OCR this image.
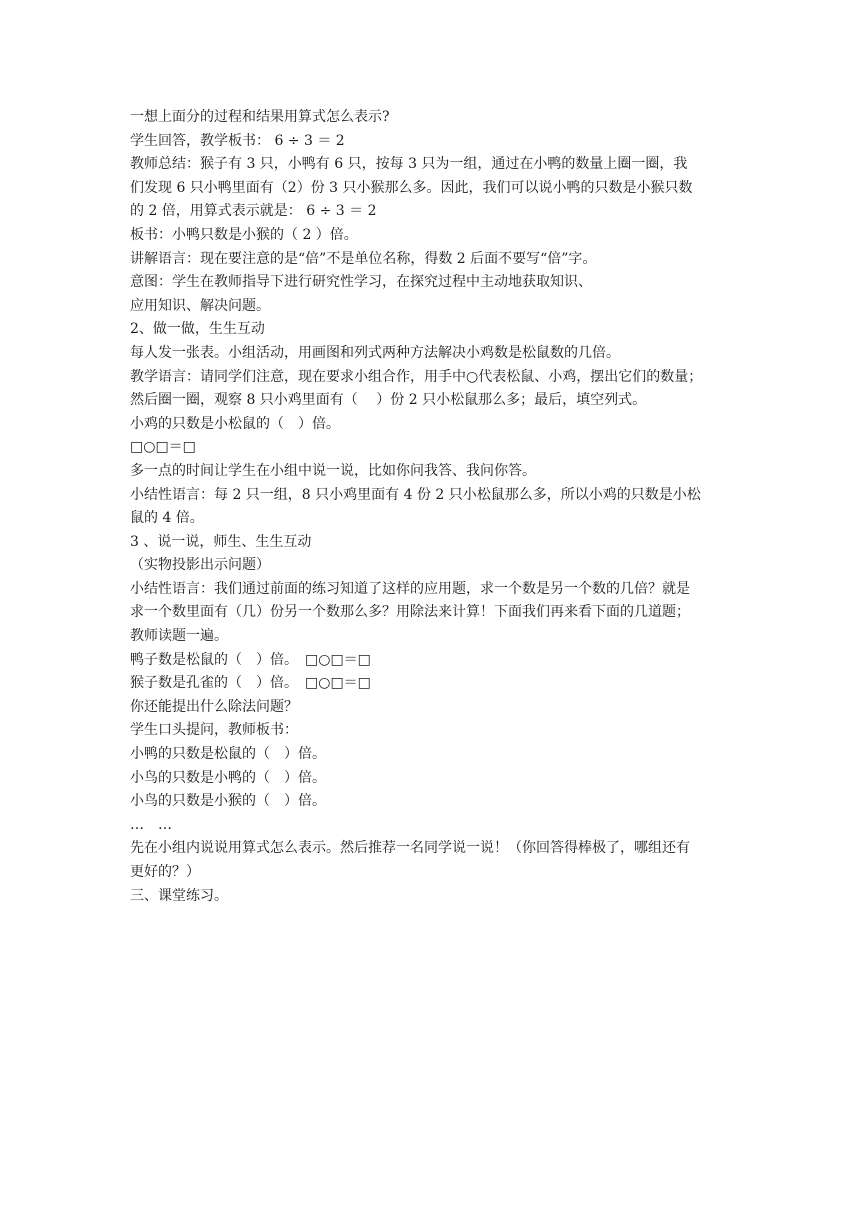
一想上面分的过程和结果用算式怎么表示?
学生回答，教学板书： 6 ÷ 3 ＝ 2
教师总结：猴子有 3 只，小鸭有 6 只，按每 3 只为一组，通过在小鸭的数量上圈一圈，我
们发现 6 只小鸭里面有（2）份 3 只小猴那么多。因此，我们可以说小鸭的只数是小猴只数
的 2 倍，用算式表示就是： 6 ÷ 3 ＝ 2
板书：小鸭只数是小猴的（ 2 ）倍。
讲解语言：现在要注意的是“倍”不是单位名称，得数 2 后面不要写“倍”字。
意图：学生在教师指导下进行研究性学习，在探究过程中主动地获取知识、
应用知识、解决问题。
2、做一做，生生互动
每人发一张表。小组活动，用画图和列式两种方法解决小鸡数是松鼠数的几倍。
教学语言：请同学们注意，现在要求小组合作，用手中○代表松鼠、小鸡，摆出它们的数量；
然后圈一圈，观察 8 只小鸡里面有（　 ）份 2 只小松鼠那么多；最后，填空列式。
小鸡的只数是小松鼠的（　）倍。
□○□＝□
多一点的时间让学生在小组中说一说，比如你问我答、我问你答。
小结性语言：每 2 只一组，8 只小鸡里面有 4 份 2 只小松鼠那么多，所以小鸡的只数是小松
鼠的 4 倍。
3 、说一说，师生、生生互动
（实物投影出示问题）
小结性语言：我们通过前面的练习知道了这样的应用题，求一个数是另一个数的几倍？就是
求一个数里面有（几）份另一个数那么多？用除法来计算！下面我们再来看下面的几道题；
教师读题一遍。
鸭子数是松鼠的（　）倍。　□○□＝□
猴子数是孔雀的（　）倍。　□○□＝□
你还能提出什么除法问题？
学生口头提问，教师板书：
小鸭的只数是松鼠的（　）倍。
小鸟的只数是小鸭的（　）倍。
小鸟的只数是小猴的（　）倍。
…　…
先在小组内说说用算式怎么表示。然后推荐一名同学说一说！（你回答得棒极了，哪组还有
更好的？）
三、课堂练习。
